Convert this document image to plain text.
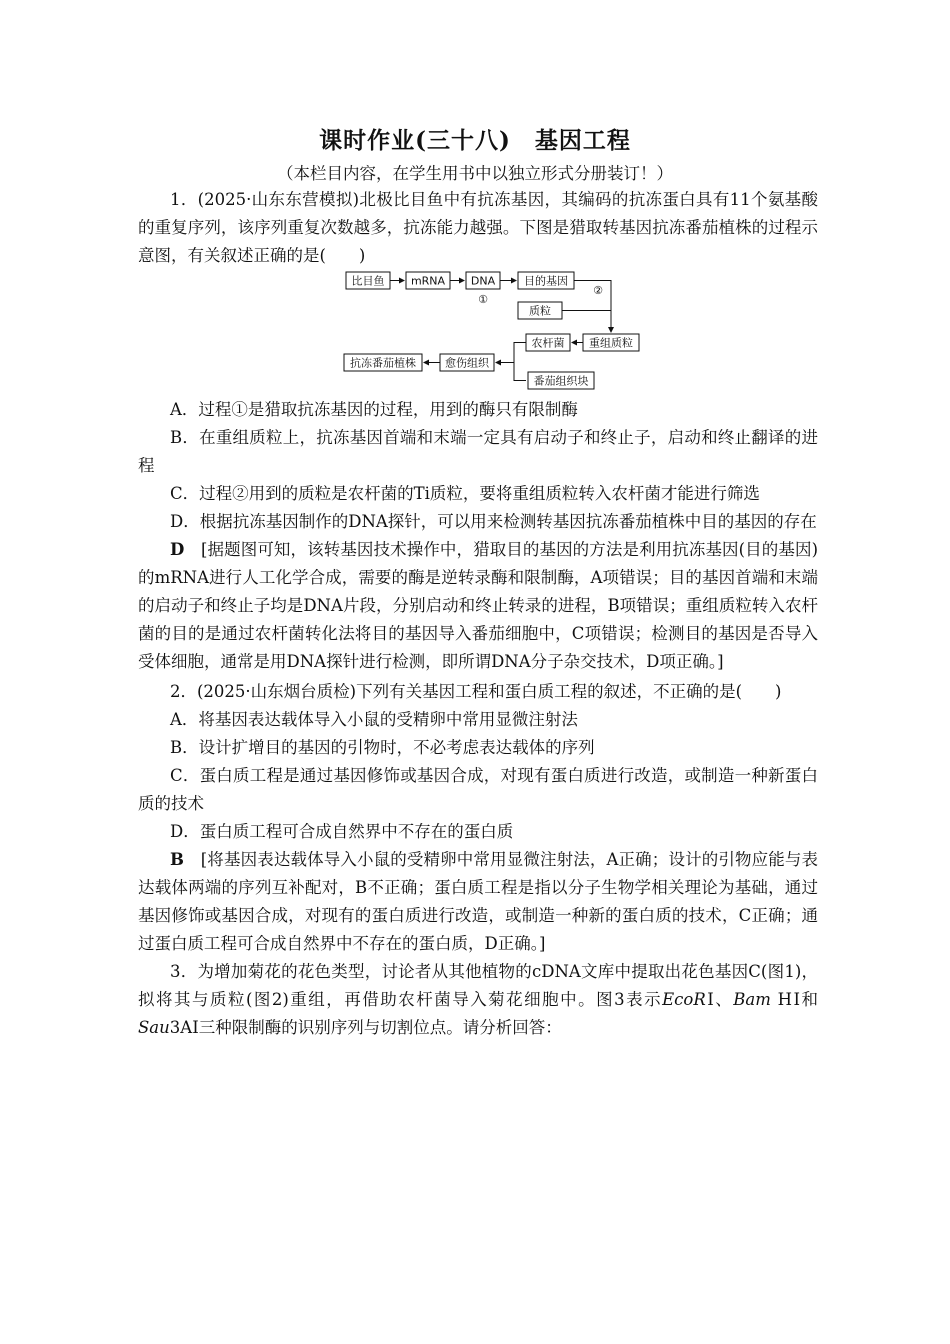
课时作业(三十八)　基因工程
（本栏目内容，在学生用书中以独立形式分册装订！）

1．(2025·山东东营模拟)北极比目鱼中有抗冻基因，其编码的抗冻蛋白具有11个氨基酸的重复序列，该序列重复次数越多，抗冻能力越强。下图是猎取转基因抗冻番茄植株的过程示意图，有关叙述正确的是(　　)

比目鱼 mRNA DNA	目的基因
质粒
重组质粒
农杆菌
愈伤组织
抗冻番茄植株
番茄组织块
①
②

A．过程①是猎取抗冻基因的过程，用到的酶只有限制酶

B．在重组质粒上，抗冻基因首端和末端一定具有启动子和终止子，启动和终止翻译的进程

C．过程②用到的质粒是农杆菌的Ti质粒，要将重组质粒转入农杆菌才能进行筛选

D．根据抗冻基因制作的DNA探针，可以用来检测转基因抗冻番茄植株中目的基因的存在

D　 [据题图可知，该转基因技术操作中，猎取目的基因的方法是利用抗冻基因(目的基因)的mRNA进行人工化学合成，需要的酶是逆转录酶和限制酶，A项错误；目的基因首端和末端的启动子和终止子均是DNA片段，分别启动和终止转录的进程，B项错误；重组质粒转入农杆菌的目的是通过农杆菌转化法将目的基因导入番茄细胞中，C项错误；检测目的基因是否导入受体细胞，通常是用DNA探针进行检测，即所谓DNA分子杂交技术，D项正确。]

2．(2025·山东烟台质检)下列有关基因工程和蛋白质工程的叙述，不正确的是(　　)

A．将基因表达载体导入小鼠的受精卵中常用显微注射法

B．设计扩增目的基因的引物时，不必考虑表达载体的序列

C．蛋白质工程是通过基因修饰或基因合成，对现有蛋白质进行改造，或制造一种新蛋白质的技术

D．蛋白质工程可合成自然界中不存在的蛋白质

B　 [将基因表达载体导入小鼠的受精卵中常用显微注射法，A正确；设计的引物应能与表达载体两端的序列互补配对，B不正确；蛋白质工程是指以分子生物学相关理论为基础，通过基因修饰或基因合成，对现有的蛋白质进行改造，或制造一种新的蛋白质的技术，C正确；通过蛋白质工程可合成自然界中不存在的蛋白质，D正确。]

3．为增加菊花的花色类型，讨论者从其他植物的cDNA文库中提取出花色基因C(图1)，拟将其与质粒(图2)重组，再借助农杆菌导入菊花细胞中。图3表示EcoRⅠ、Bam HⅠ和 Sau3AⅠ三种限制酶的识别序列与切割位点。请分析回答：
